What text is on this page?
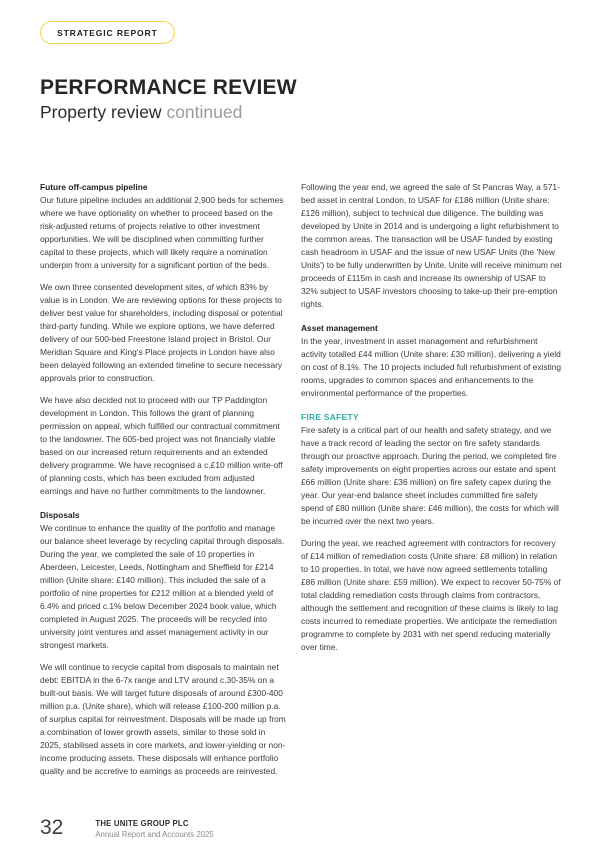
STRATEGIC REPORT
PERFORMANCE REVIEW
Property review continued
Future off-campus pipeline

Our future pipeline includes an additional 2,900 beds for schemes where we have optionality on whether to proceed based on the risk-adjusted returns of projects relative to other investment opportunities. We will be disciplined when committing further capital to these projects, which will likely require a nomination underpin from a university for a significant portion of the beds.

We own three consented development sites, of which 83% by value is in London. We are reviewing options for these projects to deliver best value for shareholders, including disposal or potential third-party funding. While we explore options, we have deferred delivery of our 500-bed Freestone Island project in Bristol. Our Meridian Square and King's Place projects in London have also been delayed following an extended timeline to secure necessary approvals prior to construction.

We have also decided not to proceed with our TP Paddington development in London. This follows the grant of planning permission on appeal, which fulfilled our contractual commitment to the landowner. The 605-bed project was not financially viable based on our increased return requirements and an extended delivery programme. We have recognised a c.£10 million write-off of planning costs, which has been excluded from adjusted earnings and have no further commitments to the landowner.

Disposals

We continue to enhance the quality of the portfolio and manage our balance sheet leverage by recycling capital through disposals. During the year, we completed the sale of 10 properties in Aberdeen, Leicester, Leeds, Nottingham and Sheffield for £214 million (Unite share: £140 million). This included the sale of a portfolio of nine properties for £212 million at a blended yield of 6.4% and priced c.1% below December 2024 book value, which completed in August 2025. The proceeds will be recycled into university joint ventures and asset management activity in our strongest markets.

We will continue to recycle capital from disposals to maintain net debt: EBITDA in the 6-7x range and LTV around c.30-35% on a built-out basis. We will target future disposals of around £300-400 million p.a. (Unite share), which will release £100-200 million p.a. of surplus capital for reinvestment. Disposals will be made up from a combination of lower growth assets, similar to those sold in 2025, stabilised assets in core markets, and lower-yielding or non-income producing assets. These disposals will enhance portfolio quality and be accretive to earnings as proceeds are reinvested.

Following the year end, we agreed the sale of St Pancras Way, a 571-bed asset in central London, to USAF for £186 million (Unite share: £126 million), subject to technical due diligence. The building was developed by Unite in 2014 and is undergoing a light refurbishment to the common areas. The transaction will be USAF funded by existing cash headroom in USAF and the issue of new USAF Units (the 'New Units') to be fully underwritten by Unite. Unite will receive minimum net proceeds of £115m in cash and increase its ownership of USAF to 32% subject to USAF investors choosing to take-up their pre-emption rights.

Asset management

In the year, investment in asset management and refurbishment activity totalled £44 million (Unite share: £30 million), delivering a yield on cost of 8.1%. The 10 projects included full refurbishment of existing rooms, upgrades to common spaces and enhancements to the environmental performance of the properties.

FIRE SAFETY

Fire safety is a critical part of our health and safety strategy, and we have a track record of leading the sector on fire safety standards through our proactive approach. During the period, we completed fire safety improvements on eight properties across our estate and spent £66 million (Unite share: £36 million) on fire safety capex during the year. Our year-end balance sheet includes committed fire safety spend of £80 million (Unite share: £46 million), the costs for which will be incurred over the next two years.

During the year, we reached agreement with contractors for recovery of £14 million of remediation costs (Unite share: £8 million) in relation to 10 properties. In total, we have now agreed settlements totalling £86 million (Unite share: £59 million). We expect to recover 50-75% of total cladding remediation costs through claims from contractors, although the settlement and recognition of these claims is likely to lag costs incurred to remediate properties. We anticipate the remediation programme to complete by 2031 with net spend reducing materially over time.

32	THE UNITE GROUP PLC
Annual Report and Accounts 2025
